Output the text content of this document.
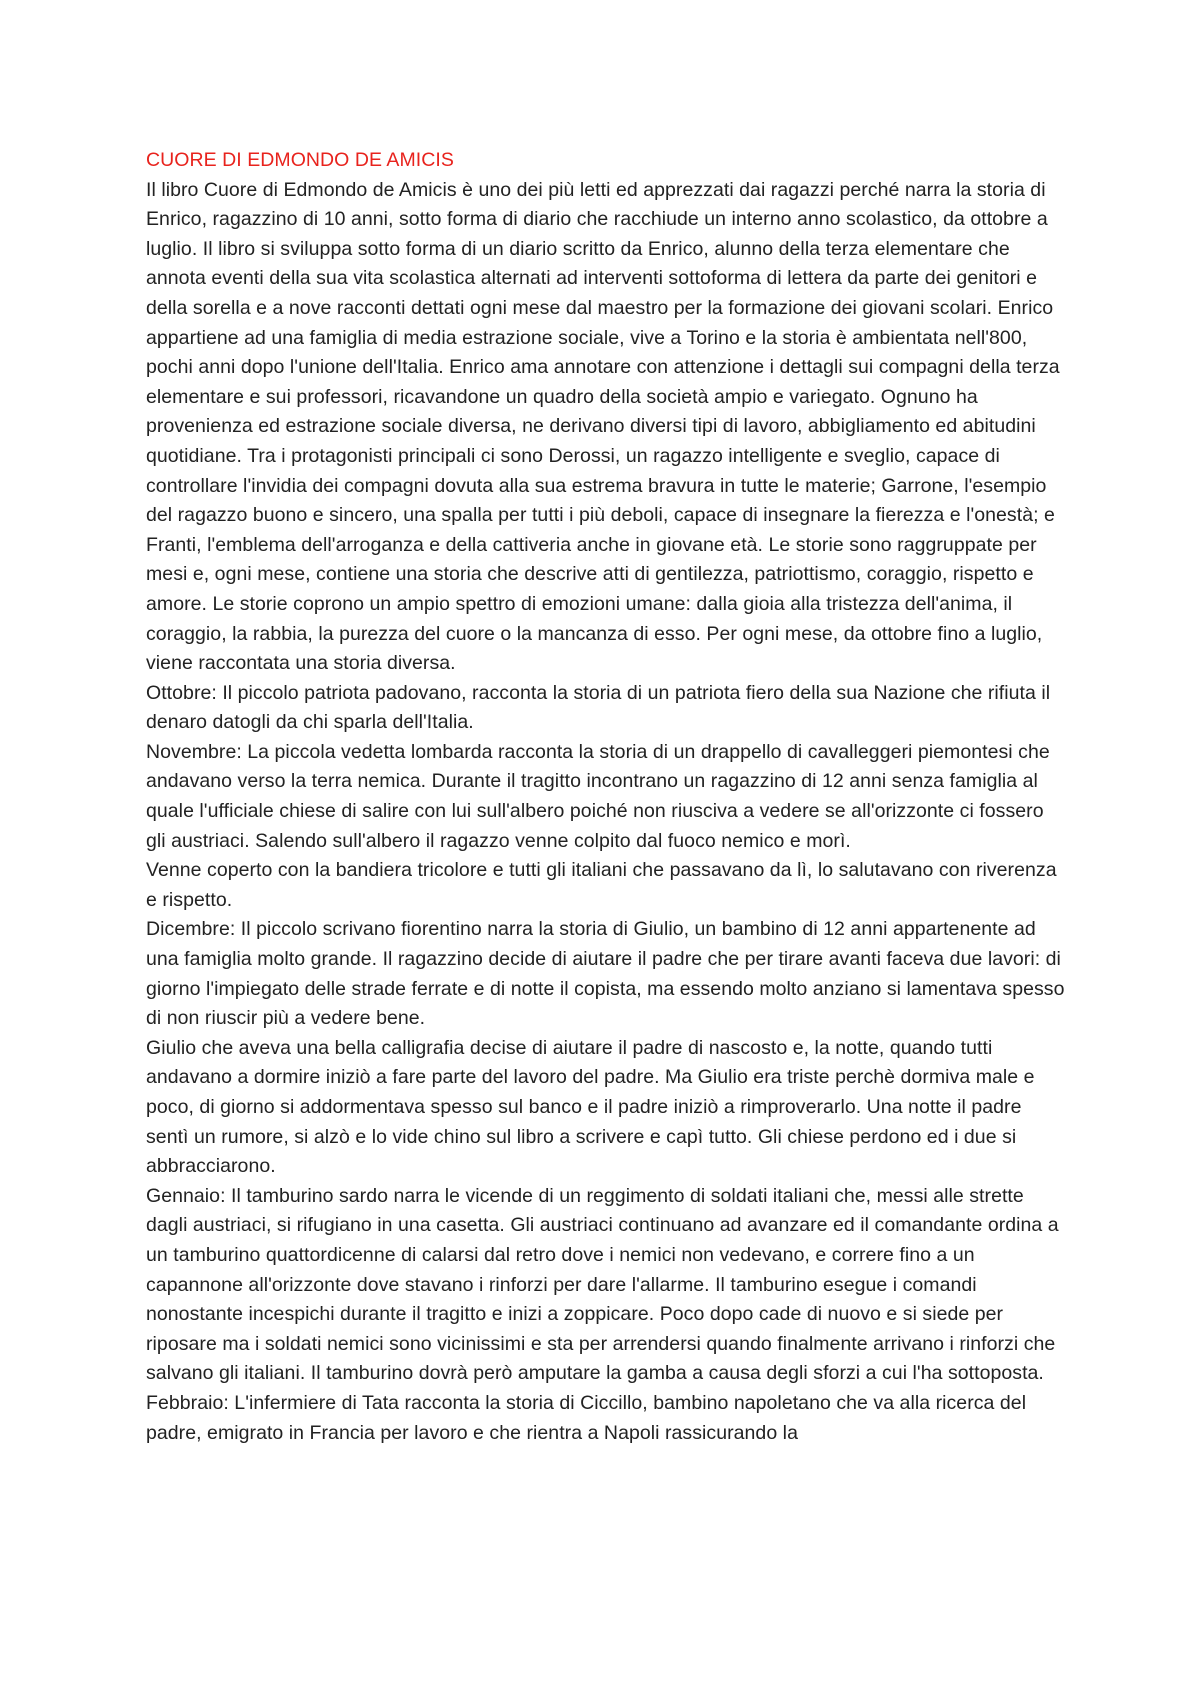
CUORE DI EDMONDO DE AMICIS

Il libro Cuore di Edmondo de Amicis è uno dei più letti ed apprezzati dai ragazzi perché narra la storia di Enrico, ragazzino di 10 anni, sotto forma di diario che racchiude un interno anno scolastico, da ottobre a luglio. Il libro si sviluppa sotto forma di un diario scritto da Enrico, alunno della terza elementare che annota eventi della sua vita scolastica alternati ad interventi sottoforma di lettera da parte dei genitori e della sorella e a nove racconti dettati ogni mese dal maestro per la formazione dei giovani scolari. Enrico appartiene ad una famiglia di media estrazione sociale, vive a Torino e la storia è ambientata nell'800, pochi anni dopo l'unione dell'Italia. Enrico ama annotare con attenzione i dettagli sui compagni della terza elementare e sui professori, ricavandone un quadro della società ampio e variegato. Ognuno ha provenienza ed estrazione sociale diversa, ne derivano diversi tipi di lavoro, abbigliamento ed abitudini quotidiane. Tra i protagonisti principali ci sono Derossi, un ragazzo intelligente e sveglio, capace di controllare l'invidia dei compagni dovuta alla sua estrema bravura in tutte le materie; Garrone, l'esempio del ragazzo buono e sincero, una spalla per tutti i più deboli, capace di insegnare la fierezza e l'onestà; e Franti, l'emblema dell'arroganza e della cattiveria anche in giovane età. Le storie sono raggruppate per mesi e, ogni mese, contiene una storia che descrive atti di gentilezza, patriottismo, coraggio, rispetto e amore. Le storie coprono un ampio spettro di emozioni umane: dalla gioia alla tristezza dell'anima, il coraggio, la rabbia, la purezza del cuore o la mancanza di esso. Per ogni mese, da ottobre fino a luglio, viene raccontata una storia diversa.

Ottobre: Il piccolo patriota padovano, racconta la storia di un patriota fiero della sua Nazione che rifiuta il denaro datogli da chi sparla dell'Italia.

Novembre: La piccola vedetta lombarda racconta la storia di un drappello di cavalleggeri piemontesi che andavano verso la terra nemica. Durante il tragitto incontrano un ragazzino di 12 anni senza famiglia al quale l'ufficiale chiese di salire con lui sull'albero poiché non riusciva a vedere se all'orizzonte ci fossero gli austriaci. Salendo sull'albero il ragazzo venne colpito dal fuoco nemico e morì.

Venne coperto con la bandiera tricolore e tutti gli italiani che passavano da lì, lo salutavano con riverenza e rispetto.

Dicembre: Il piccolo scrivano fiorentino narra la storia di Giulio, un bambino di 12 anni appartenente ad una famiglia molto grande. Il ragazzino decide di aiutare il padre che per tirare avanti faceva due lavori: di giorno l'impiegato delle strade ferrate e di notte il copista, ma essendo molto anziano si lamentava spesso di non riuscir più a vedere bene.

Giulio che aveva una bella calligrafia decise di aiutare il padre di nascosto e, la notte, quando tutti andavano a dormire iniziò a fare parte del lavoro del padre. Ma Giulio era triste perchè dormiva male e poco, di giorno si addormentava spesso sul banco e il padre iniziò a rimproverarlo. Una notte il padre sentì un rumore, si alzò e lo vide chino sul libro a scrivere e capì tutto. Gli chiese perdono ed i due si abbracciarono.

Gennaio: Il tamburino sardo narra le vicende di un reggimento di soldati italiani che, messi alle strette dagli austriaci, si rifugiano in una casetta. Gli austriaci continuano ad avanzare ed il comandante ordina a un tamburino quattordicenne di calarsi dal retro dove i nemici non vedevano, e correre fino a un capannone all'orizzonte dove stavano i rinforzi per dare l'allarme. Il tamburino esegue i comandi nonostante incespichi durante il tragitto e inizi a zoppicare. Poco dopo cade di nuovo e si siede per riposare ma i soldati nemici sono vicinissimi e sta per arrendersi quando finalmente arrivano i rinforzi che salvano gli italiani. Il tamburino dovrà però amputare la gamba a causa degli sforzi a cui l'ha sottoposta.

Febbraio: L'infermiere di Tata racconta la storia di Ciccillo, bambino napoletano che va alla ricerca del padre, emigrato in Francia per lavoro e che rientra a Napoli rassicurando la
